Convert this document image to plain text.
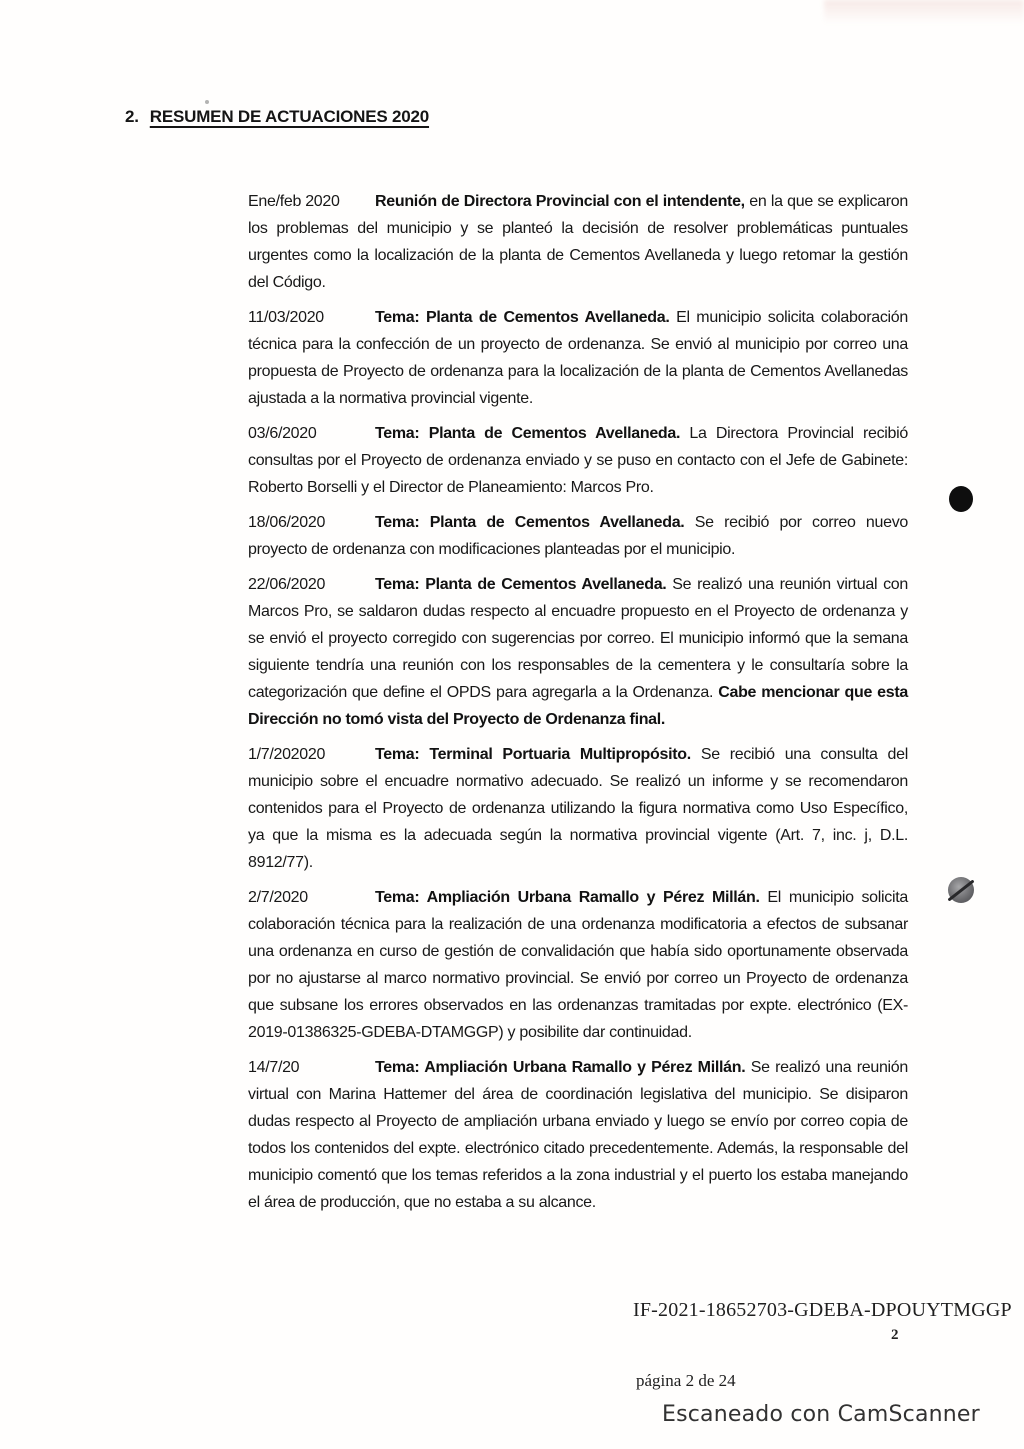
2. RESUMEN DE ACTUACIONES 2020

Ene/feb 2020 Reunión de Directora Provincial con el intendente, en la que se explicaron los problemas del municipio y se planteó la decisión de resolver problemáticas puntuales urgentes como la localización de la planta de Cementos Avellaneda y luego retomar la gestión del Código.

11/03/2020	Tema: Planta de Cementos Avellaneda. El municipio solicita colaboración técnica para la confección de un proyecto de ordenanza. Se envió al municipio por correo una propuesta de Proyecto de ordenanza para la localización de la planta de Cementos Avellanedas ajustada a la normativa provincial vigente.

03/6/2020	Tema: Planta de Cementos Avellaneda. La Directora Provincial recibió consultas por el Proyecto de ordenanza enviado y se puso en contacto con el Jefe de Gabinete: Roberto Borselli y el Director de Planeamiento: Marcos Pro.

18/06/2020	Tema: Planta de Cementos Avellaneda. Se recibió por correo nuevo proyecto de ordenanza con modificaciones planteadas por el municipio.

22/06/2020	Tema: Planta de Cementos Avellaneda. Se realizó una reunión virtual con Marcos Pro, se saldaron dudas respecto al encuadre propuesto en el Proyecto de ordenanza y se envió el proyecto corregido con sugerencias por correo. El municipio informó que la semana siguiente tendría una reunión con los responsables de la cementera y le consultaría sobre la categorización que define el OPDS para agregarla a la Ordenanza. Cabe mencionar que esta Dirección no tomó vista del Proyecto de Ordenanza final.

1/7/202020	Tema: Terminal Portuaria Multipropósito. Se recibió una consulta del municipio sobre el encuadre normativo adecuado. Se realizó un informe y se recomendaron contenidos para el Proyecto de ordenanza utilizando la figura normativa como Uso Específico, ya que la misma es la adecuada según la normativa provincial vigente (Art. 7, inc. j, D.L. 8912/77).

2/7/2020	Tema: Ampliación Urbana Ramallo y Pérez Millán. El municipio solicita colaboración técnica para la realización de una ordenanza modificatoria a efectos de subsanar una ordenanza en curso de gestión de convalidación que había sido oportunamente observada por no ajustarse al marco normativo provincial. Se envió por correo un Proyecto de ordenanza que subsane los errores observados en las ordenanzas tramitadas por expte. electrónico (EX-2019-01386325-GDEBA-DTAMGGP) y posibilite dar continuidad.

14/7/20	Tema: Ampliación Urbana Ramallo y Pérez Millán. Se realizó una reunión virtual con Marina Hattemer del área de coordinación legislativa del municipio. Se disiparon dudas respecto al Proyecto de ampliación urbana enviado y luego se envío por correo copia de todos los contenidos del expte. electrónico citado precedentemente. Además, la responsable del municipio comentó que los temas referidos a la zona industrial y el puerto los estaba manejando el área de producción, que no estaba a su alcance.

IF-2021-18652703-GDEBA-DPOUYTMGGP
2
página 2 de 24
Escaneado con CamScanner
